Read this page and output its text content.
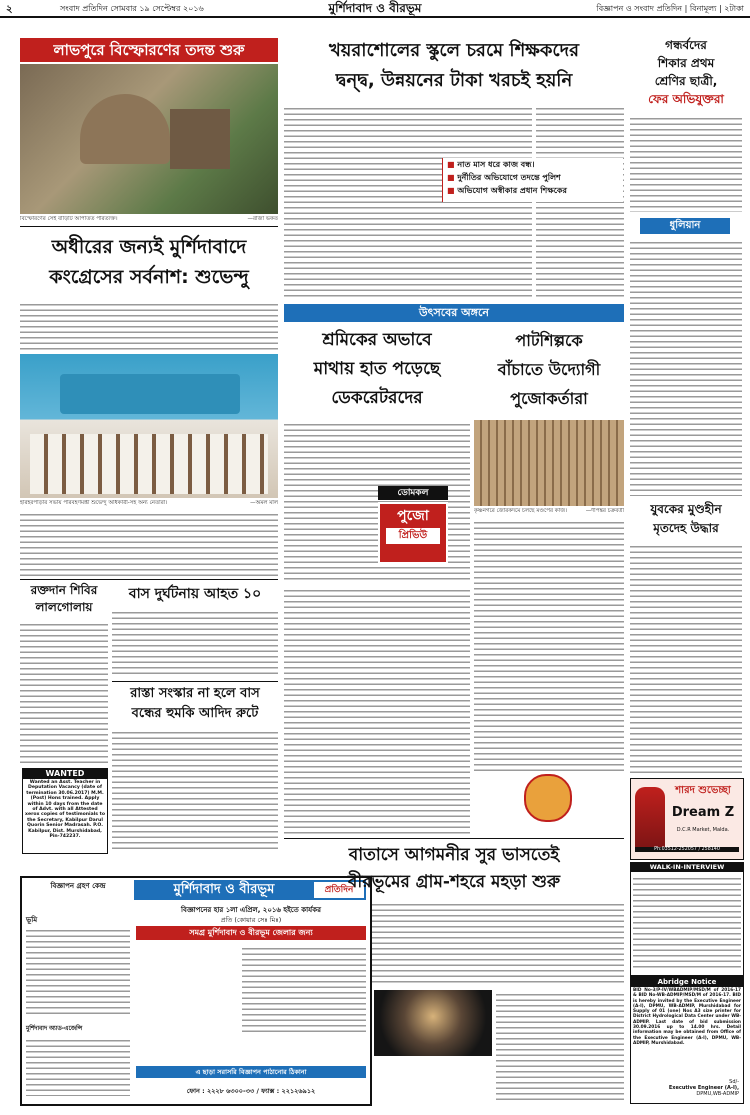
২	সংবাদ প্রতিদিন সোমবার ১৯ সেপ্টেম্বর ২০১৬	মুর্শিদাবাদ ও বীরভূম	বিজ্ঞাপন ও সংবাদ প্রতিদিন | বিনামূল্য | ২টাকা
লাভপুরে বিস্ফোরণের তদন্ত শুরু
বিস্ফোরণের সেই বাড়িটি আপাতত পরিত্যক্ত।	—রাজা ভকত
অধীরের জন্যই মুর্শিদাবাদে
কংগ্রেসের সর্বনাশ: শুভেন্দু
হরিহরপাড়ার সভায় পরিবহণমন্ত্রী শুভেন্দু অধিকারী-সহ অন্য নেতারা।	—অমল মাল
রক্তদান শিবির
লালগোলায়
বাস দুর্ঘটনায় আহত ১০
রাস্তা সংস্কার না হলে বাস
বন্ধের হুমকি আদিদ রুটে
WANTED
Wanted an Asst. Teacher in Deputation Vacancy (date of termination 30.06.2017) M.M. (Post) Hons trained. Apply within 10 days from the date of Advt. with all Attested xerox copies of testimonials to the Secretary, Kabilpur Darul Quorin Senior Madrasah. P.O. Kabilpur, Dist. Murshidabad, Pin-742237.
বিজ্ঞাপন গ্রহণ কেন্দ্র
ভূমি
মুর্শিদাবাদ অ্যাড-এজেন্সি
মুর্শিদাবাদ ও বীরভূম	প্রতিদিন
বিজ্ঞাপনের হার ১লা এপ্রিল, ২০১৬ হইতে কার্যকর
প্রতি (কোয়ার সেঃ মিঃ)
সমগ্র মুর্শিদাবাদ ও বীরভূম জেলার জন্য
এ ছাড়া সরাসরি বিজ্ঞাপন পাঠানোর ঠিকানা
ফোন : ২২২৮ ৬৩০০-৩৩ / ফ্যাক্স : ২২১২৬৯১২
খয়রাশোলের স্কুলে চরমে শিক্ষকদের
দ্বন্দ্ব, উন্নয়নের টাকা খরচই হয়নি
■ নাত মাস ধরে কাজ বন্ধ।
■ দুর্নীতির অভিযোগে তদন্তে পুলিশ
■ অভিযোগ অস্বীকার প্রধান শিক্ষকের
উৎসবের অঙ্গনে
শ্রমিকের অভাবে
মাথায় হাত পড়েছে
ডেকরেটরদের
পাটশিল্পকে
বাঁচাতে উদ্যোগী
পুজোকর্তারা
কৃষ্ণনগরে জোরকদমে চলছে মণ্ডপের কাজ।	—দীপঙ্কর চক্রবর্তী
ডোমকল
পুজো
প্রিভিউ
বাতাসে আগমনীর সুর ভাসতেই
বীরভূমের গ্রাম-শহরে মহড়া শুরু
গন্ধর্বদের
শিকার প্রথম
শ্রেণির ছাত্রী,
ফের অভিযুক্তরা
ধুলিয়ান
যুবকের মুণ্ডহীন
মৃতদেহ উদ্ধার
শারদ শুভেচ্ছা
Dream Z
D.C.R Market, Malda.
Ph:03512-252057 / 258140
WALK-IN-INTERVIEW
Abridge Notice
BID No-3/P-IV/WBADMIP/MSD/M of 2016-17 & BID No-WB-ADMIP/MSD/M of 2016-17. BID is hereby invited by the Executive Engineer (A-I), DPMU, WB-ADMIP, Murshidabad for Supply of 01 (one) Nos A3 size printer for District Hydrological Data Center under WB-ADMIP. Last date of bid submission 30.09.2016 up to 14.00 hrs. Detail information may be obtained from Office of the Executive Engineer (A-I), DPMU, WB-ADMIP, Murshidabad.
Sd/-
Executive Engineer (A-I),
DPMU,WB-ADMIP
